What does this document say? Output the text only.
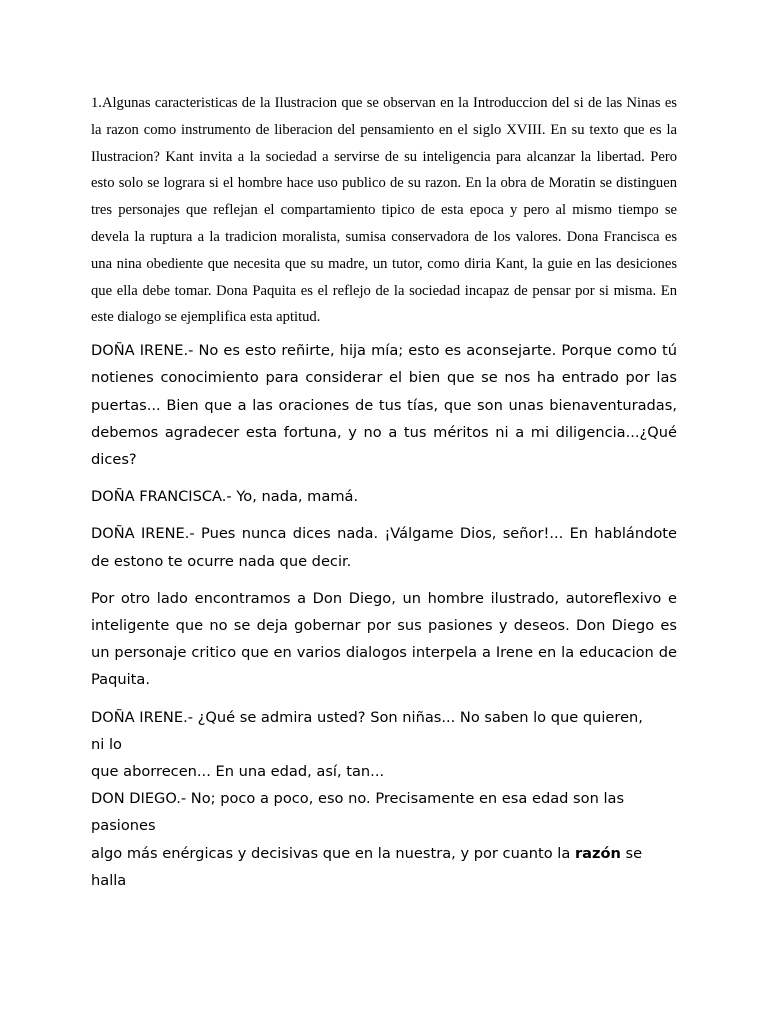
1.Algunas caracteristicas de la Ilustracion que se observan en la Introduccion del si de las Ninas es la razon como instrumento de liberacion del pensamiento en el siglo XVIII. En su texto que es la Ilustracion? Kant invita a la sociedad a servirse de su inteligencia para alcanzar la libertad. Pero esto solo se lograra si el hombre hace uso publico de su razon. En la obra de Moratin se distinguen tres personajes que reflejan el compartamiento tipico de esta epoca y pero al mismo tiempo se devela la ruptura a la tradicion moralista, sumisa conservadora de los valores. Dona Francisca es una nina obediente que necesita que su madre, un tutor, como diria Kant, la guie en las desiciones que ella debe tomar. Dona Paquita es el reflejo de la sociedad incapaz de pensar por si misma. En este dialogo se ejemplifica esta aptitud.

DOÑA IRENE.- No es esto reñirte, hija mía; esto es aconsejarte. Porque como tú notienes conocimiento para considerar el bien que se nos ha entrado por las puertas... Bien que a las oraciones de tus tías, que son unas bienaventuradas, debemos agradecer esta fortuna, y no a tus méritos ni a mi diligencia...¿Qué dices?

DOÑA FRANCISCA.- Yo, nada, mamá.

DOÑA IRENE.- Pues nunca dices nada. ¡Válgame Dios, señor!... En hablándote de estono te ocurre nada que decir.

Por otro lado encontramos a Don Diego, un hombre ilustrado, autoreflexivo e inteligente que no se deja gobernar por sus pasiones y deseos. Don Diego es un personaje critico que en varios dialogos interpela a Irene en la educacion de Paquita.

DOÑA IRENE.- ¿Qué se admira usted? Son niñas... No saben lo que quieren,

ni lo

que aborrecen... En una edad, así, tan...

DON DIEGO.- No; poco a poco, eso no. Precisamente en esa edad son las

pasiones

algo más enérgicas y decisivas que en la nuestra, y por cuanto la razón se

halla
